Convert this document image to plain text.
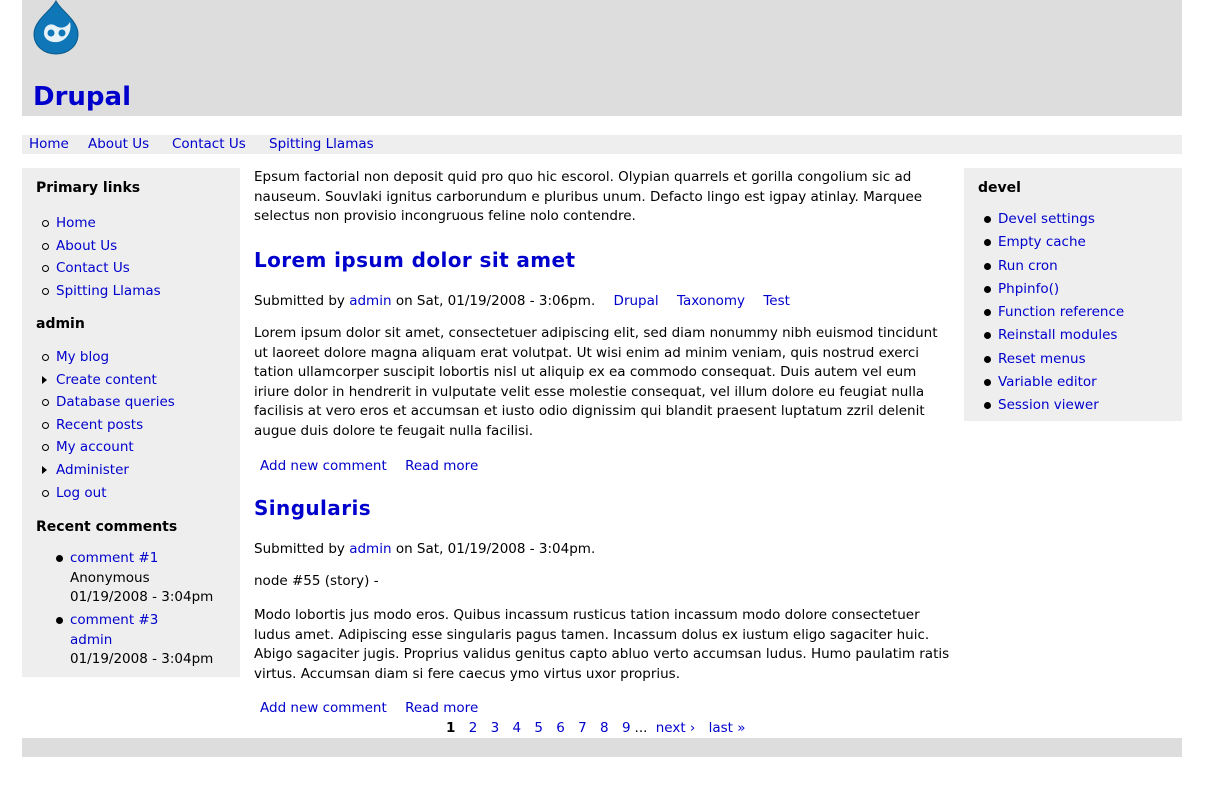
Drupal
Home About Us Contact Us Spitting Llamas
Primary links
Home
About Us
Contact Us
Spitting Llamas
admin
My blog
Create content
Database queries
Recent posts
My account
Administer
Log out
Recent comments
comment #1
Anonymous
01/19/2008 - 3:04pm
comment #3
admin
01/19/2008 - 3:04pm

Epsum factorial non deposit quid pro quo hic escorol. Olypian quarrels et gorilla congolium sic ad nauseum. Souvlaki ignitus carborundum e pluribus unum. Defacto lingo est igpay atinlay. Marquee selectus non provisio incongruous feline nolo contendre.

Lorem ipsum dolor sit amet
Submitted by admin on Sat, 01/19/2008 - 3:06pm. Drupal Taxonomy Test

Lorem ipsum dolor sit amet, consectetuer adipiscing elit, sed diam nonummy nibh euismod tincidunt ut laoreet dolore magna aliquam erat volutpat. Ut wisi enim ad minim veniam, quis nostrud exerci tation ullamcorper suscipit lobortis nisl ut aliquip ex ea commodo consequat. Duis autem vel eum iriure dolor in hendrerit in vulputate velit esse molestie consequat, vel illum dolore eu feugiat nulla facilisis at vero eros et accumsan et iusto odio dignissim qui blandit praesent luptatum zzril delenit augue duis dolore te feugait nulla facilisi.

Add new comment Read more
Singularis
Submitted by admin on Sat, 01/19/2008 - 3:04pm.

node #55 (story) -

Modo lobortis jus modo eros. Quibus incassum rusticus tation incassum modo dolore consectetuer ludus amet. Adipiscing esse singularis pagus tamen. Incassum dolus ex iustum eligo sagaciter huic. Abigo sagaciter jugis. Proprius validus genitus capto abluo verto accumsan ludus. Humo paulatim ratis virtus. Accumsan diam si fere caecus ymo virtus uxor proprius.

Add new comment Read more
1 2 3 4 5 6 7 8 9 ... next › last »
devel
Devel settings
Empty cache
Run cron
Phpinfo()
Function reference
Reinstall modules
Reset menus
Variable editor
Session viewer
